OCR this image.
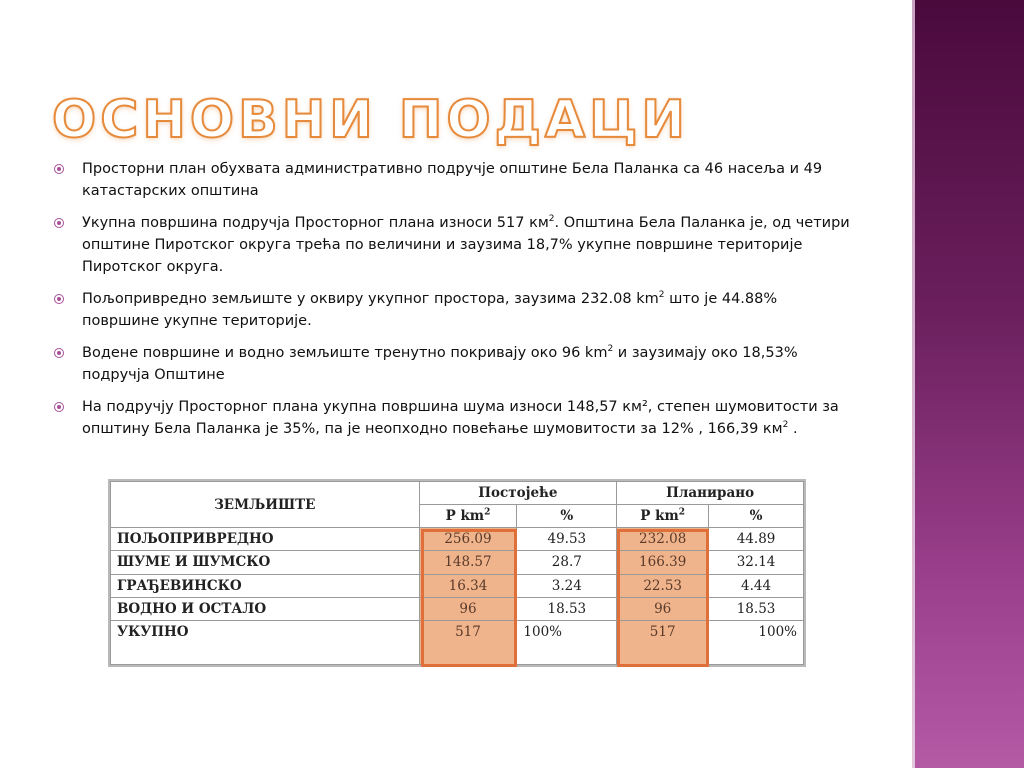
ОСНОВНИ ПОДАЦИ
Просторни план обухвата административно подручје општине Бела Паланка са 46 насеља и 49 катастарских општина
Укупна површина подручја Просторног плана износи 517 $км^2$. Општина Бела Паланка је, од четири општине Пиротског округа трећа по величини и заузима 18,7% укупне површине територије Пиротског округа.
Пољопривредно земљиште у оквиру укупног простора, заузима 232.08 $km^2$ што је 44.88% површине укупне територије.
Водене површине и водно земљиште тренутно покривају око 96 $km^2$ и заузимају око 18,53% подручја Општине
На подручју Просторног плана укупна површина шума износи 148,57 км², степен шумовитости за општину Бела Паланка је 35%, па је неопходно повећање шумовитости за 12% , 166,39 $км^2$ .
ЗЕМЉИШТЕ	Постојеће		Планирано	
	P $km^2$	%	P $km^2$	%
ПОЉОПРИВРЕДНО	256.09	49.53	232.08	44.89
ШУМЕ И ШУМСКО	148.57	28.7	166.39	32.14
ГРАЂЕВИНСКО	16.34	3.24	22.53	4.44
ВОДНО И ОСТАЛО	96	18.53	96	18.53
УКУПНО	517	100%	517	100%
